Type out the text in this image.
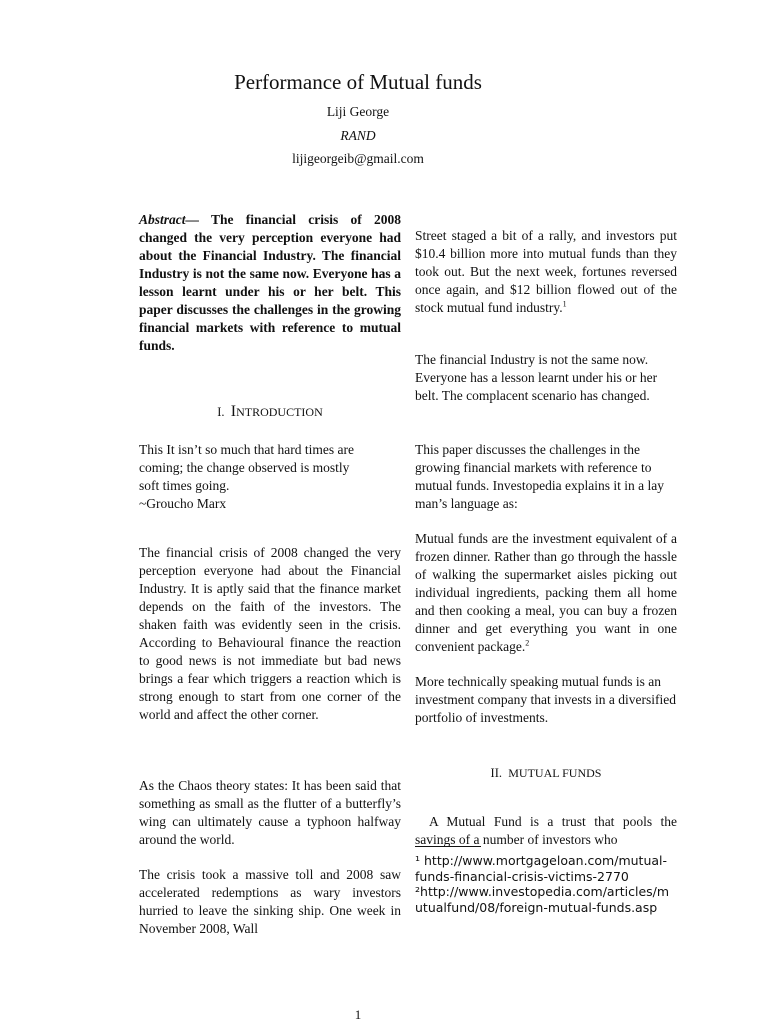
Performance of Mutual funds
Liji George
RAND
lijigeorgeib@gmail.com
Abstract— The financial crisis of 2008 changed the very perception everyone had about the Financial Industry. The financial Industry is not the same now. Everyone has a lesson learnt under his or her belt. This paper discusses the challenges in the growing financial markets with reference to mutual funds.
I. INTRODUCTION
This It isn’t so much that hard times are
coming; the change observed is mostly
soft times going.
~Groucho Marx

The financial crisis of 2008 changed the very perception everyone had about the Financial Industry. It is aptly said that the finance market depends on the faith of the investors. The shaken faith was evidently seen in the crisis. According to Behavioural finance the reaction to good news is not immediate but bad news brings a fear which triggers a reaction which is strong enough to start from one corner of the world and affect the other corner.

As the Chaos theory states: It has been said that something as small as the flutter of a butterfly’s wing can ultimately cause a typhoon halfway around the world.

The crisis took a massive toll and 2008 saw accelerated redemptions as wary investors hurried to leave the sinking ship. One week in November 2008, Wall

Street staged a bit of a rally, and investors put $10.4 billion more into mutual funds than they took out. But the next week, fortunes reversed once again, and $12 billion flowed out of the stock mutual fund industry.$^1$

The financial Industry is not the same now. Everyone has a lesson learnt under his or her belt. The complacent scenario has changed.

This paper discusses the challenges in the growing financial markets with reference to mutual funds. Investopedia explains it in a lay man’s language as:

Mutual funds are the investment equivalent of a frozen dinner. Rather than go through the hassle of walking the supermarket aisles picking out individual ingredients, packing them all home and then cooking a meal, you can buy a frozen dinner and get everything you want in one convenient package.$^2$

More technically speaking mutual funds is an investment company that invests in a diversified portfolio of investments.

II. MUTUAL FUNDS

A Mutual Fund is a trust that pools the savings of a number of investors who

¹ http://www.mortgageloan.com/mutual-funds-financial-crisis-victims-2770
²http://www.investopedia.com/articles/mutualfund/08/foreign-mutual-funds.asp
1
